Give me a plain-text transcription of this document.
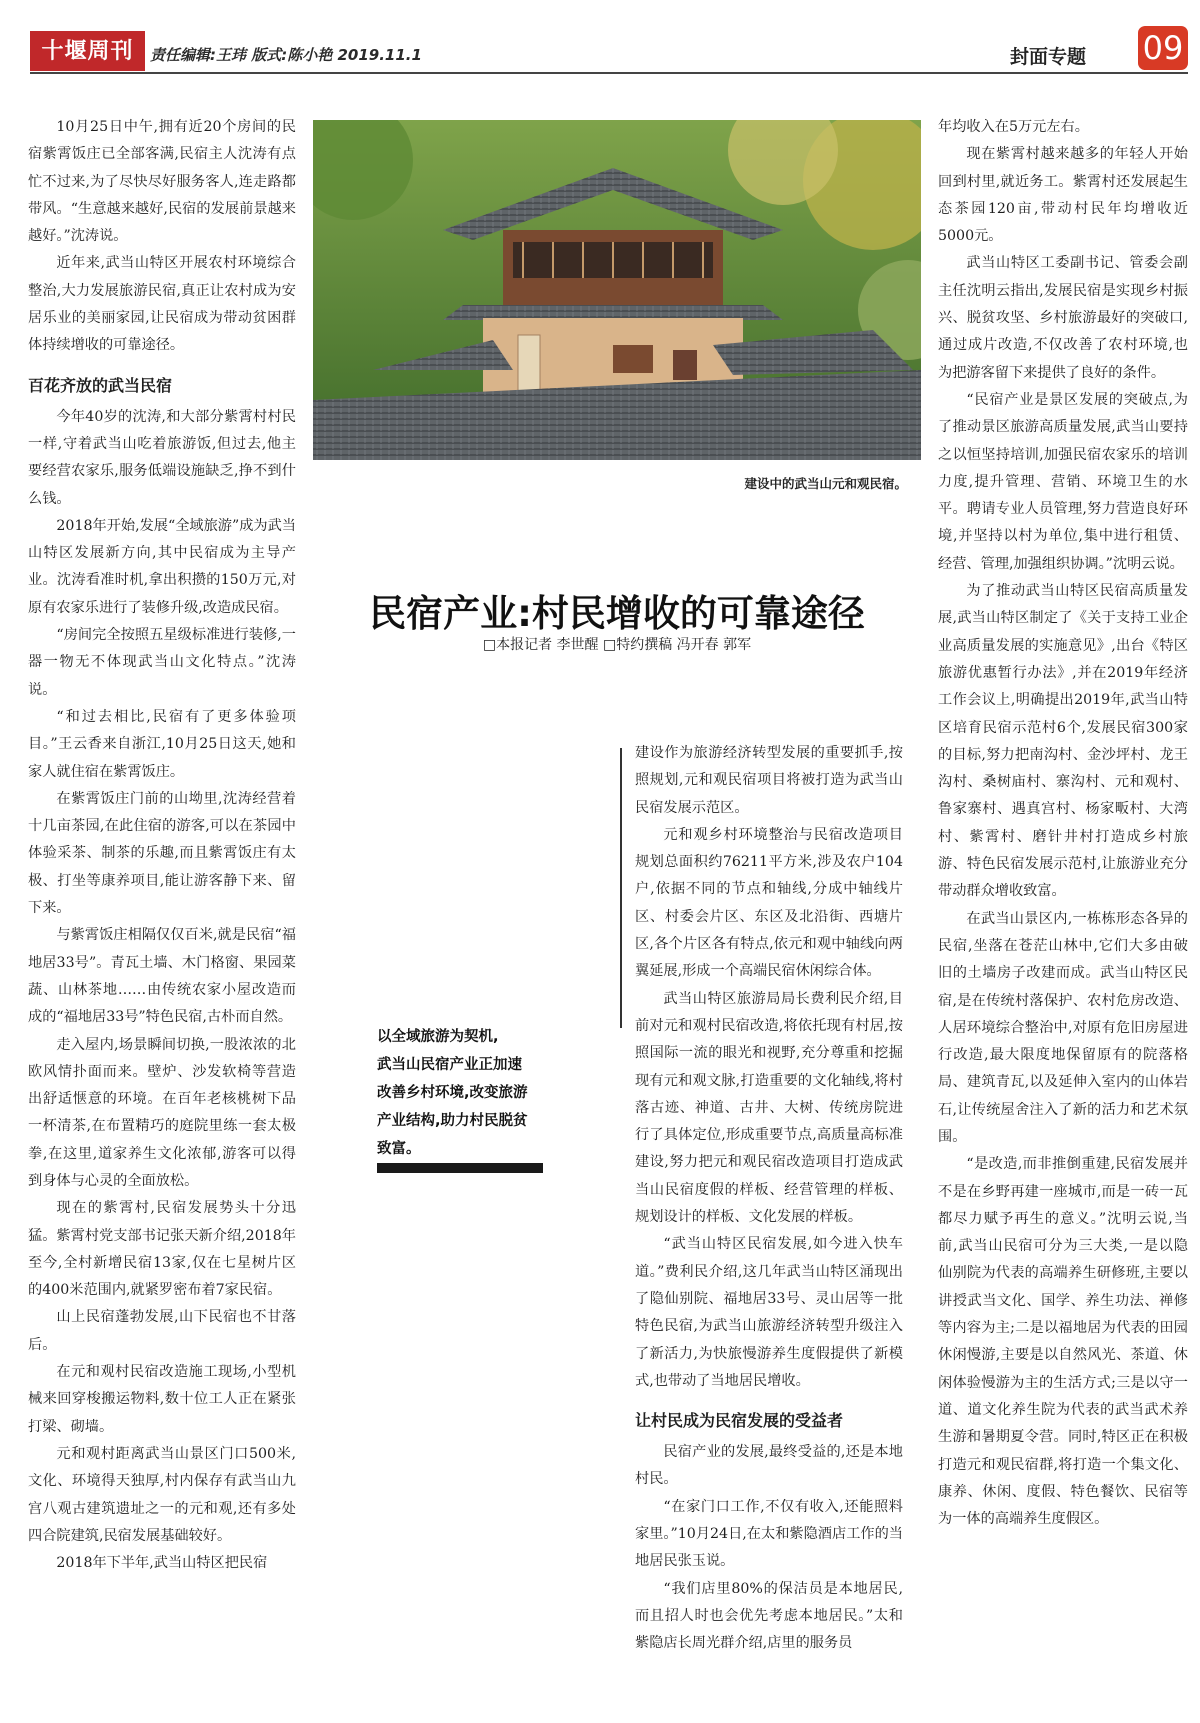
十堰周刊 责任编辑:王玮 版式:陈小艳 2019.11.1	封面专题 09

10月25日中午,拥有近20个房间的民宿紫霄饭庄已全部客满,民宿主人沈涛有点忙不过来,为了尽快尽好服务客人,连走路都带风。“生意越来越好,民宿的发展前景越来越好。”沈涛说。

近年来,武当山特区开展农村环境综合整治,大力发展旅游民宿,真正让农村成为安居乐业的美丽家园,让民宿成为带动贫困群体持续增收的可靠途径。

百花齐放的武当民宿

今年40岁的沈涛,和大部分紫霄村村民一样,守着武当山吃着旅游饭,但过去,他主要经营农家乐,服务低端设施缺乏,挣不到什么钱。

2018年开始,发展“全域旅游”成为武当山特区发展新方向,其中民宿成为主导产业。沈涛看准时机,拿出积攒的150万元,对原有农家乐进行了装修升级,改造成民宿。

“房间完全按照五星级标准进行装修,一器一物无不体现武当山文化特点。”沈涛说。

“和过去相比,民宿有了更多体验项目。”王云香来自浙江,10月25日这天,她和家人就住宿在紫霄饭庄。

在紫霄饭庄门前的山坳里,沈涛经营着十几亩茶园,在此住宿的游客,可以在茶园中体验采茶、制茶的乐趣,而且紫霄饭庄有太极、打坐等康养项目,能让游客静下来、留下来。

与紫霄饭庄相隔仅仅百米,就是民宿“福地居33号”。青瓦土墙、木门格窗、果园菜蔬、山林茶地……由传统农家小屋改造而成的“福地居33号”特色民宿,古朴而自然。

走入屋内,场景瞬间切换,一股浓浓的北欧风情扑面而来。壁炉、沙发软椅等营造出舒适惬意的环境。在百年老核桃树下品一杯清茶,在布置精巧的庭院里练一套太极拳,在这里,道家养生文化浓郁,游客可以得到身体与心灵的全面放松。

现在的紫霄村,民宿发展势头十分迅猛。紫霄村党支部书记张天新介绍,2018年至今,全村新增民宿13家,仅在七星树片区的400米范围内,就紧罗密布着7家民宿。

山上民宿蓬勃发展,山下民宿也不甘落后。

在元和观村民宿改造施工现场,小型机械来回穿梭搬运物料,数十位工人正在紧张打梁、砌墙。

元和观村距离武当山景区门口500米,文化、环境得天独厚,村内保存有武当山九宫八观古建筑遗址之一的元和观,还有多处四合院建筑,民宿发展基础较好。

2018年下半年,武当山特区把民宿

建设中的武当山元和观民宿。
民宿产业:村民增收的可靠途径
□本报记者 李世醒 □特约撰稿 冯开春 郭军
以全域旅游为契机,
武当山民宿产业正加速
改善乡村环境,改变旅游
产业结构,助力村民脱贫
致富。

建设作为旅游经济转型发展的重要抓手,按照规划,元和观民宿项目将被打造为武当山民宿发展示范区。

元和观乡村环境整治与民宿改造项目规划总面积约76211平方米,涉及农户104户,依据不同的节点和轴线,分成中轴线片区、村委会片区、东区及北沿街、西塘片区,各个片区各有特点,依元和观中轴线向两翼延展,形成一个高端民宿休闲综合体。

武当山特区旅游局局长费利民介绍,目前对元和观村民宿改造,将依托现有村居,按照国际一流的眼光和视野,充分尊重和挖掘现有元和观文脉,打造重要的文化轴线,将村落古迹、神道、古井、大树、传统房院进行了具体定位,形成重要节点,高质量高标准建设,努力把元和观民宿改造项目打造成武当山民宿度假的样板、经营管理的样板、规划设计的样板、文化发展的样板。

“武当山特区民宿发展,如今进入快车道。”费利民介绍,这几年武当山特区涌现出了隐仙别院、福地居33号、灵山居等一批特色民宿,为武当山旅游经济转型升级注入了新活力,为快旅慢游养生度假提供了新模式,也带动了当地居民增收。

让村民成为民宿发展的受益者

民宿产业的发展,最终受益的,还是本地村民。

“在家门口工作,不仅有收入,还能照料家里。”10月24日,在太和紫隐酒店工作的当地居民张玉说。

“我们店里80%的保洁员是本地居民,而且招人时也会优先考虑本地居民。”太和紫隐店长周光群介绍,店里的服务员

年均收入在5万元左右。

现在紫霄村越来越多的年轻人开始回到村里,就近务工。紫霄村还发展起生态茶园120亩,带动村民年均增收近5000元。

武当山特区工委副书记、管委会副主任沈明云指出,发展民宿是实现乡村振兴、脱贫攻坚、乡村旅游最好的突破口,通过成片改造,不仅改善了农村环境,也为把游客留下来提供了良好的条件。

“民宿产业是景区发展的突破点,为了推动景区旅游高质量发展,武当山要持之以恒坚持培训,加强民宿农家乐的培训力度,提升管理、营销、环境卫生的水平。聘请专业人员管理,努力营造良好环境,并坚持以村为单位,集中进行租赁、经营、管理,加强组织协调。”沈明云说。

为了推动武当山特区民宿高质量发展,武当山特区制定了《关于支持工业企业高质量发展的实施意见》,出台《特区旅游优惠暂行办法》,并在2019年经济工作会议上,明确提出2019年,武当山特区培育民宿示范村6个,发展民宿300家的目标,努力把南沟村、金沙坪村、龙王沟村、桑树庙村、寨沟村、元和观村、鲁家寨村、遇真宫村、杨家畈村、大湾村、紫霄村、磨针井村打造成乡村旅游、特色民宿发展示范村,让旅游业充分带动群众增收致富。

在武当山景区内,一栋栋形态各异的民宿,坐落在苍茫山林中,它们大多由破旧的土墙房子改建而成。武当山特区民宿,是在传统村落保护、农村危房改造、人居环境综合整治中,对原有危旧房屋进行改造,最大限度地保留原有的院落格局、建筑青瓦,以及延伸入室内的山体岩石,让传统屋舍注入了新的活力和艺术氛围。

“是改造,而非推倒重建,民宿发展并不是在乡野再建一座城市,而是一砖一瓦都尽力赋予再生的意义。”沈明云说,当前,武当山民宿可分为三大类,一是以隐仙别院为代表的高端养生研修班,主要以讲授武当文化、国学、养生功法、禅修等内容为主;二是以福地居为代表的田园休闲慢游,主要是以自然风光、茶道、休闲体验慢游为主的生活方式;三是以守一道、道文化养生院为代表的武当武术养生游和暑期夏令营。同时,特区正在积极打造元和观民宿群,将打造一个集文化、康养、休闲、度假、特色餐饮、民宿等为一体的高端养生度假区。
